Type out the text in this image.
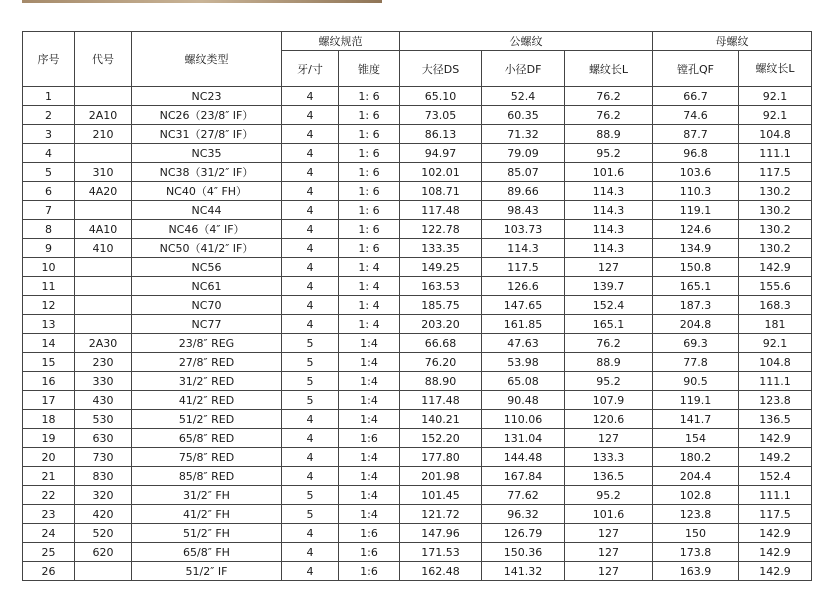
序号	代号	螺纹类型	螺纹规范		公螺纹			母螺纹	
			牙/寸	锥度	大径DS	小径DF	螺纹长L	镗孔QF	螺纹长L
1		NC23	4	1: 6	65.10	52.4	76.2	66.7	92.1
2	2A10	NC26（23/8″ IF）	4	1: 6	73.05	60.35	76.2	74.6	92.1
3	210	NC31（27/8″ IF）	4	1: 6	86.13	71.32	88.9	87.7	104.8
4		NC35	4	1: 6	94.97	79.09	95.2	96.8	111.1
5	310	NC38（31/2″ IF）	4	1: 6	102.01	85.07	101.6	103.6	117.5
6	4A20	NC40（4″ FH）	4	1: 6	108.71	89.66	114.3	110.3	130.2
7		NC44	4	1: 6	117.48	98.43	114.3	119.1	130.2
8	4A10	NC46（4″ IF）	4	1: 6	122.78	103.73	114.3	124.6	130.2
9	410	NC50（41/2″ IF）	4	1: 6	133.35	114.3	114.3	134.9	130.2
10		NC56	4	1: 4	149.25	117.5	127	150.8	142.9
11		NC61	4	1: 4	163.53	126.6	139.7	165.1	155.6
12		NC70	4	1: 4	185.75	147.65	152.4	187.3	168.3
13		NC77	4	1: 4	203.20	161.85	165.1	204.8	181
14	2A30	23/8″ REG	5	1:4	66.68	47.63	76.2	69.3	92.1
15	230	27/8″ RED	5	1:4	76.20	53.98	88.9	77.8	104.8
16	330	31/2″ RED	5	1:4	88.90	65.08	95.2	90.5	111.1
17	430	41/2″ RED	5	1:4	117.48	90.48	107.9	119.1	123.8
18	530	51/2″ RED	4	1:4	140.21	110.06	120.6	141.7	136.5
19	630	65/8″ RED	4	1:6	152.20	131.04	127	154	142.9
20	730	75/8″ RED	4	1:4	177.80	144.48	133.3	180.2	149.2
21	830	85/8″ RED	4	1:4	201.98	167.84	136.5	204.4	152.4
22	320	31/2″ FH	5	1:4	101.45	77.62	95.2	102.8	111.1
23	420	41/2″ FH	5	1:4	121.72	96.32	101.6	123.8	117.5
24	520	51/2″ FH	4	1:6	147.96	126.79	127	150	142.9
25	620	65/8″ FH	4	1:6	171.53	150.36	127	173.8	142.9
26		51/2″ IF	4	1:6	162.48	141.32	127	163.9	142.9
